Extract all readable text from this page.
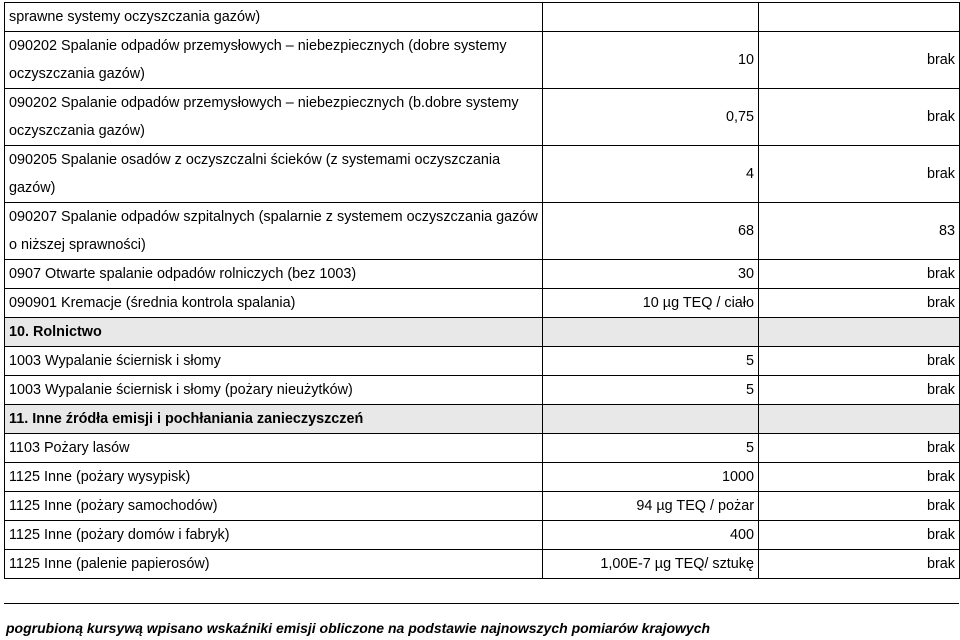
sprawne systemy oczyszczania gazów)		
090202 Spalanie odpadów przemysłowych – niebezpiecznych (dobre systemy oczyszczania gazów)	10	brak
090202 Spalanie odpadów przemysłowych – niebezpiecznych (b.dobre systemy oczyszczania gazów)	0,75	brak
090205 Spalanie osadów z oczyszczalni ścieków (z systemami oczyszczania gazów)	4	brak
090207 Spalanie odpadów szpitalnych (spalarnie z systemem oczyszczania gazów o niższej sprawności)	68	83
0907 Otwarte spalanie odpadów rolniczych (bez 1003)	30	brak
090901 Kremacje (średnia kontrola spalania)	10 µg TEQ / ciało	brak
10. Rolnictwo		
1003 Wypalanie ściernisk i słomy	5	brak
1003 Wypalanie ściernisk i słomy (pożary nieużytków)	5	brak
11. Inne źródła emisji i pochłaniania zanieczyszczeń		
1103 Pożary lasów	5	brak
1125 Inne (pożary wysypisk)	1000	brak
1125 Inne (pożary samochodów)	94 µg TEQ / pożar	brak
1125 Inne (pożary domów i fabryk)	400	brak
1125 Inne (palenie papierosów)	1,00E-7 µg TEQ/ sztukę	brak
pogrubioną kursywą wpisano wskaźniki emisji obliczone na podstawie najnowszych pomiarów krajowych
